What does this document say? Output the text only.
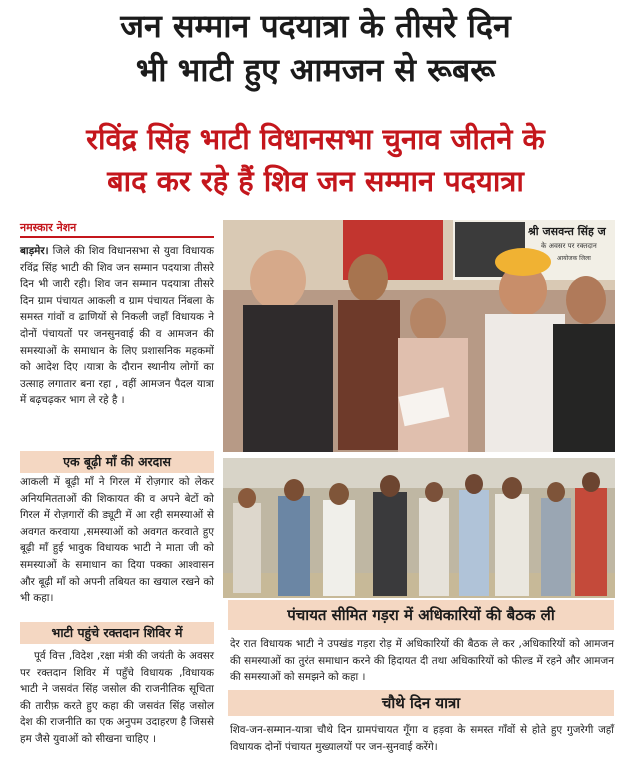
जन सम्मान पदयात्रा के तीसरे दिन
भी भाटी हुए आमजन से रूबरू
रविंद्र सिंह भाटी विधानसभा चुनाव जीतने के
बाद कर रहे हैं शिव जन सम्मान पदयात्रा
नमस्कार नेशन
बाड़मेर। जिले की शिव विधानसभा से युवा विधायक रविंद्र सिंह भाटी की शिव जन सम्मान पदयात्रा तीसरे दिन भी जारी रही। शिव जन सम्मान पदयात्रा तीसरे दिन ग्राम पंचायत आकली व ग्राम पंचायत निंबला के समस्त गांवों व ढाणियों से निकली जहाँ विधायक ने दोनों पंचायतों पर जनसुनवाई की व आमजन की समस्याओं के समाधान के लिए प्रशासनिक महकमों को आदेश दिए ।यात्रा के दौरान स्थानीय लोगों का उत्साह लगातार बना रहा , वहीं आमजन पैदल यात्रा में बढ़चढ़कर भाग ले रहे है ।
एक बूढ़ी माँ की अरदास
आकली में बूढ़ी माँ ने गिरल में रोज़गार को लेकर अनियमितताओं की शिकायत की व अपने बेटों को गिरल में रोज़गारों की ड्यूटी में आ रही समस्याओं से अवगत करवाया ,समस्याओं को अवगत करवाते हुए बूढ़ी माँ हुई भावुक विधायक भाटी ने माता जी को समस्याओं के समाधान का दिया पक्का आश्वासन और बूढ़ी माँ को अपनी तबियत का खयाल रखने को भी कहा।
भाटी पहुंचे रक्तदान शिविर में
पूर्व वित्त ,विदेश ,रक्षा मंत्री की जयंती के अवसर पर रक्तदान शिविर में पहुँचे विधायक ,विधायक भाटी ने जसवंत सिंह जसोल की राजनीतिक सूचिता की तारीफ़ करते हुए कहा की जसवंत सिंह जसोल देश की राजनीति का एक अनुपम उदाहरण है जिससे हम जैसे युवाओं को सीखना चाहिए ।
श्री जसवन्त सिंह ज
के अवसर पर रक्तदान
आयोजक जिला
पंचायत सीमित गड़रा में अधिकारियों की बैठक ली
देर रात विधायक भाटी ने उपखंड गड़रा रोड़ में अधिकारियों की बैठक ले कर ,अधिकारियों को आमजन की समस्याओं का तुरंत समाधान करने की हिदायत दी तथा अधिकारियों को फील्ड में रहने और आमजन की समस्याओं को समझने को कहा ।
चौथे दिन यात्रा
शिव-जन-सम्मान-यात्रा चौथे दिन ग्रामपंचायत गूँगा व हड़वा के समस्त गाँवों से होते हुए गुजरेगी जहाँ विधायक दोनों पंचायत मुख्यालयों पर जन-सुनवाई करेंगे।
